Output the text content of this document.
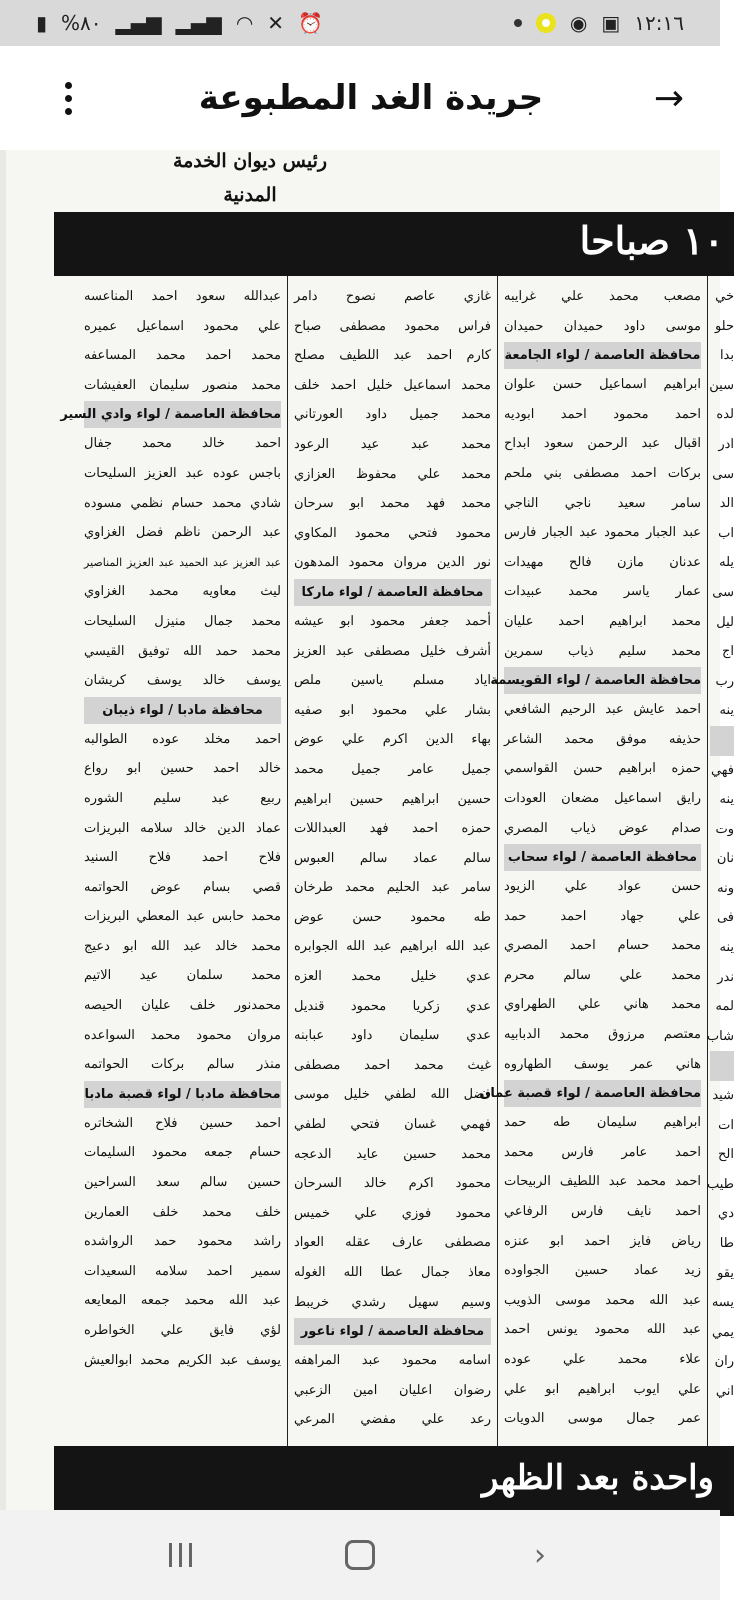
▮ %٨٠ ▂▄▆ ▂▄▆ ◠ ✕ ⏰	◉ ▣ ١٢:١٦
جريدة الغد المطبوعة	→
رئيس ديوان الخدمة المدنية
١٠ صباحا
خي
حلو
بدا
سين
لده
ادر
سى
الد
اب
يله
سى
ليل
اج
رب
ينه
فهي
ينه
وت
نان
ونه
فى
ينه
ندر
لمه
شاب
شيد
ات
الح
طيب
دي
طا
يقو
يسه
يمي
ران
اني
مصعب محمد علي غرايبه
موسى داود حميدان حميدان
محافظة العاصمة / لواء الجامعة
ابراهيم اسماعيل حسن علوان
احمد محمود احمد ابوديه
اقبال عبد الرحمن سعود ابداح
بركات احمد مصطفى بني ملحم
سامر سعيد ناجي الناجي
عبد الجبار محمود عبد الجبار فارس
عدنان مازن فالح مهيدات
عمار ياسر محمد عبيدات
محمد ابراهيم احمد عليان
محمد سليم ذياب سمرين
محافظة العاصمة / لواء القويسمة
احمد عايش عبد الرحيم الشافعي
حذيفه موفق محمد الشاعر
حمزه ابراهيم حسن القواسمي
رايق اسماعيل مضعان العودات
صدام عوض ذياب المصري
محافظة العاصمة / لواء سحاب
حسن عواد علي الزيود
علي جهاد احمد حمد
محمد حسام احمد المصري
محمد علي سالم محرم
محمد هاني علي الطهراوي
معتصم مرزوق محمد الدبابيه
هاني عمر يوسف الطهاروه
محافظة العاصمة / لواء قصبة عمان
ابراهيم سليمان طه حمد
احمد عامر فارس محمد
احمد محمد عبد اللطيف الربيحات
احمد نايف فارس الرفاعي
رياض فايز احمد ابو عنزه
زيد عماد حسين الجواوده
عبد الله محمد موسى الذويب
عبد الله محمود يونس احمد
علاء محمد علي عوده
علي ايوب ابراهيم ابو علي
عمر جمال موسى الدويات
غازي عاصم نصوح دامر
فراس محمود مصطفى صباح
كارم احمد عبد اللطيف مصلح
محمد اسماعيل خليل احمد خلف
محمد جميل داود العورتاني
محمد عبد عيد الرعود
محمد علي محفوظ العزازي
محمد فهد محمد ابو سرحان
محمود فتحي محمود المكاوي
نور الدين مروان محمود المدهون
محافظة العاصمة / لواء ماركا
أحمد جعفر محمود ابو عيشه
أشرف خليل مصطفى عبد العزيز
اياد مسلم ياسين ملص
بشار علي محمود ابو صفيه
بهاء الدين اكرم علي عوض
جميل عامر جميل محمد
حسين ابراهيم حسين ابراهيم
حمزه احمد فهد العبداللات
سالم عماد سالم العبوس
سامر عبد الحليم محمد طرخان
طه محمود حسن عوض
عبد الله ابراهيم عبد الله الجوابره
عدي خليل محمد العزه
عدي زكريا محمود قنديل
عدي سليمان داود عبابنه
غيث محمد احمد مصطفى
فضل الله لطفي خليل موسى
فهمي غسان فتحي لطفي
محمد حسين عايد الدعجه
محمود اكرم خالد السرحان
محمود فوزي علي خميس
مصطفى عارف عقله العواد
معاذ جمال عطا الله الغوله
وسيم سهيل رشدي خريبط
محافظة العاصمة / لواء ناعور
اسامه محمود عبد المراهفه
رضوان اعليان امين الزعبي
رعد علي مفضي المرعي
عبدالله سعود احمد المناعسه
علي محمود اسماعيل عميره
محمد احمد محمد المساعفه
محمد منصور سليمان العفيشات
محافظة العاصمة / لواء وادي السير
احمد خالد محمد جفال
باجس عوده عبد العزيز السليحات
شادي محمد حسام نظمي مسوده
عبد الرحمن ناظم فضل الغزاوي
عبد العزيز عبد الحميد عبد العزيز المناصير
ليث معاويه محمد الغزاوي
محمد جمال منيزل السليحات
محمد حمد الله توفيق القيسي
يوسف خالد يوسف كريشان
محافظة مادبا / لواء ذيبان
احمد مخلد عوده الطوالبه
خالد احمد حسين ابو رواع
ربيع عبد سليم الشوره
عماد الدين خالد سلامه البريزات
فلاح احمد فلاح السنيد
قصي بسام عوض الحواتمه
محمد حابس عبد المعطي البريزات
محمد خالد عبد الله ابو دعيج
محمد سلمان عيد الاتيم
محمدنور خلف عليان الحيصه
مروان محمود محمد السواعده
منذر سالم بركات الحواتمه
محافظة مادبا / لواء قصبة مادبا
احمد حسين فلاح الشخاتره
حسام جمعه محمود السليمات
حسين سالم سعد السراحين
خلف محمد خلف العمارين
راشد محمود حمد الرواشده
سمير احمد سلامه السعيدات
عبد الله محمد جمعه المعايعه
لؤي فايق علي الخواطره
يوسف عبد الكريم محمد ابوالعيش
واحدة بعد الظهر
›
